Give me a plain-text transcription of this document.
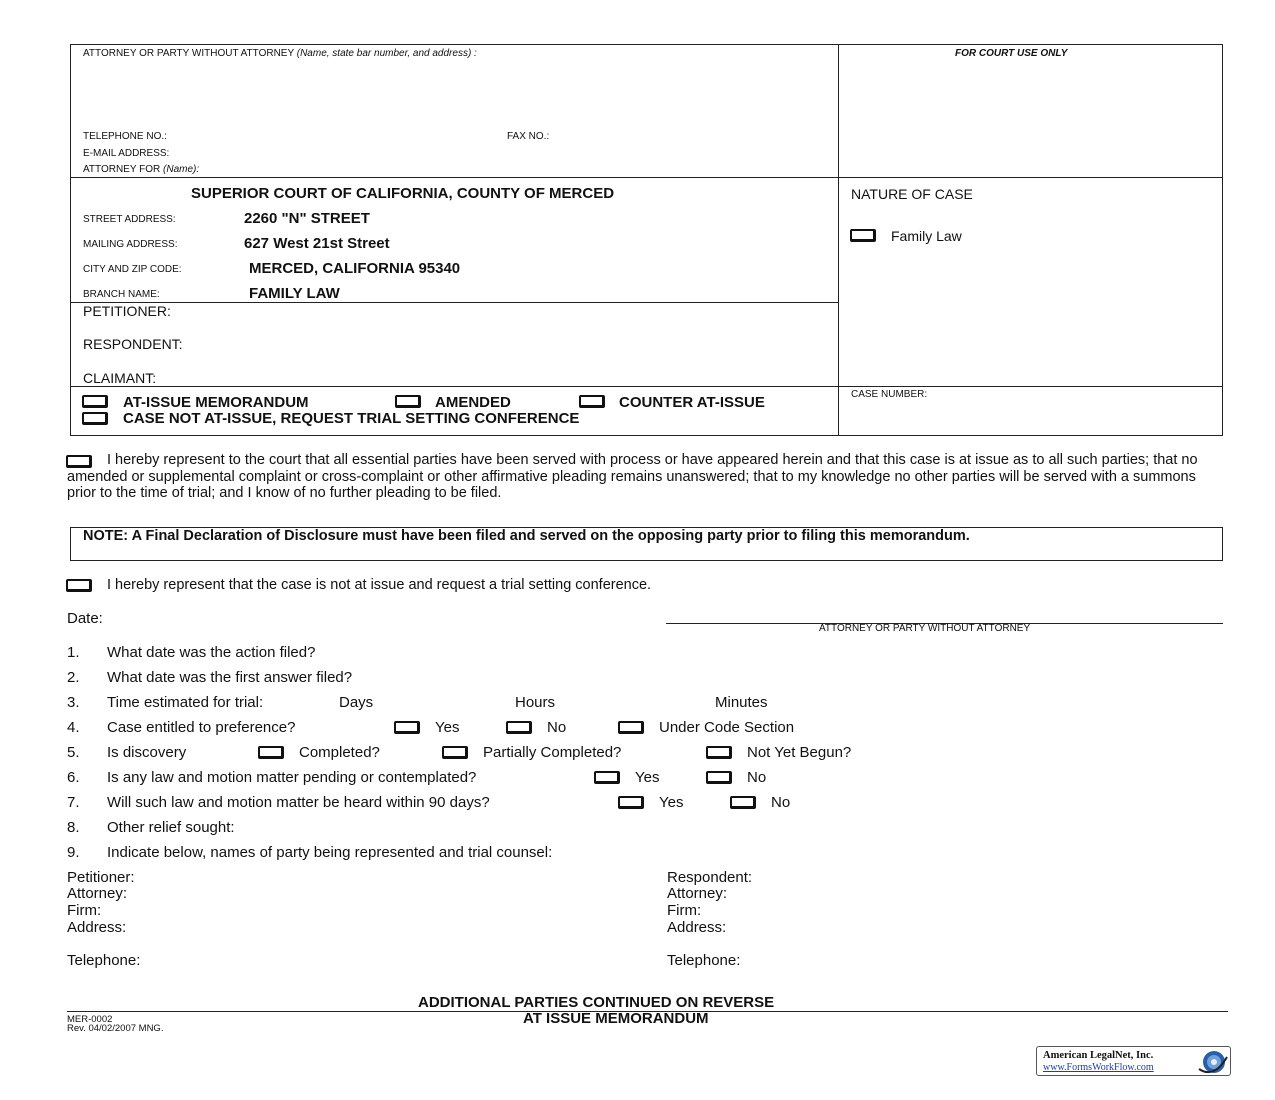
ATTORNEY OR PARTY WITHOUT ATTORNEY (Name, state bar number, and address) :	FOR COURT USE ONLY
TELEPHONE NO.:	FAX NO.:
E-MAIL ADDRESS:
ATTORNEY FOR (Name):
SUPERIOR COURT OF CALIFORNIA, COUNTY OF MERCED
STREET ADDRESS:	2260 "N" STREET
MAILING ADDRESS:	627 West 21st Street
CITY AND ZIP CODE:	MERCED, CALIFORNIA 95340
BRANCH NAME:	FAMILY LAW
NATURE OF CASE
Family Law
PETITIONER:
RESPONDENT:
CLAIMANT:
AT-ISSUE MEMORANDUM	AMENDED	COUNTER AT-ISSUE
CASE NOT AT-ISSUE, REQUEST TRIAL SETTING CONFERENCE
CASE NUMBER:
I hereby represent to the court that all essential parties have been served with process or have appeared herein and that this case is at issue as to all such parties; that no amended or supplemental complaint or cross-complaint or other affirmative pleading remains unanswered; that to my knowledge no other parties will be served with a summons prior to the time of trial; and I know of no further pleading to be filed.
NOTE: A Final Declaration of Disclosure must have been filed and served on the opposing party prior to filing this memorandum.
I hereby represent that the case is not at issue and request a trial setting conference.
Date:
ATTORNEY OR PARTY WITHOUT ATTORNEY
1. What date was the action filed?
2. What date was the first answer filed?
3. Time estimated for trial:	Days	Hours	Minutes
4. Case entitled to preference?	Yes	No	Under Code Section
5. Is discovery	Completed?	Partially Completed?	Not Yet Begun?
6. Is any law and motion matter pending or contemplated?	Yes	No
7. Will such law and motion matter be heard within 90 days?	Yes	No
8. Other relief sought:
9. Indicate below, names of party being represented and trial counsel:
Petitioner:
Attorney:
Firm:
Address:
Telephone:
Respondent:
Attorney:
Firm:
Address:
Telephone:
ADDITIONAL PARTIES CONTINUED ON REVERSE
AT ISSUE MEMORANDUM
MER-0002
Rev. 04/02/2007 MNG.
American LegalNet, Inc.
www.FormsWorkFlow.com
